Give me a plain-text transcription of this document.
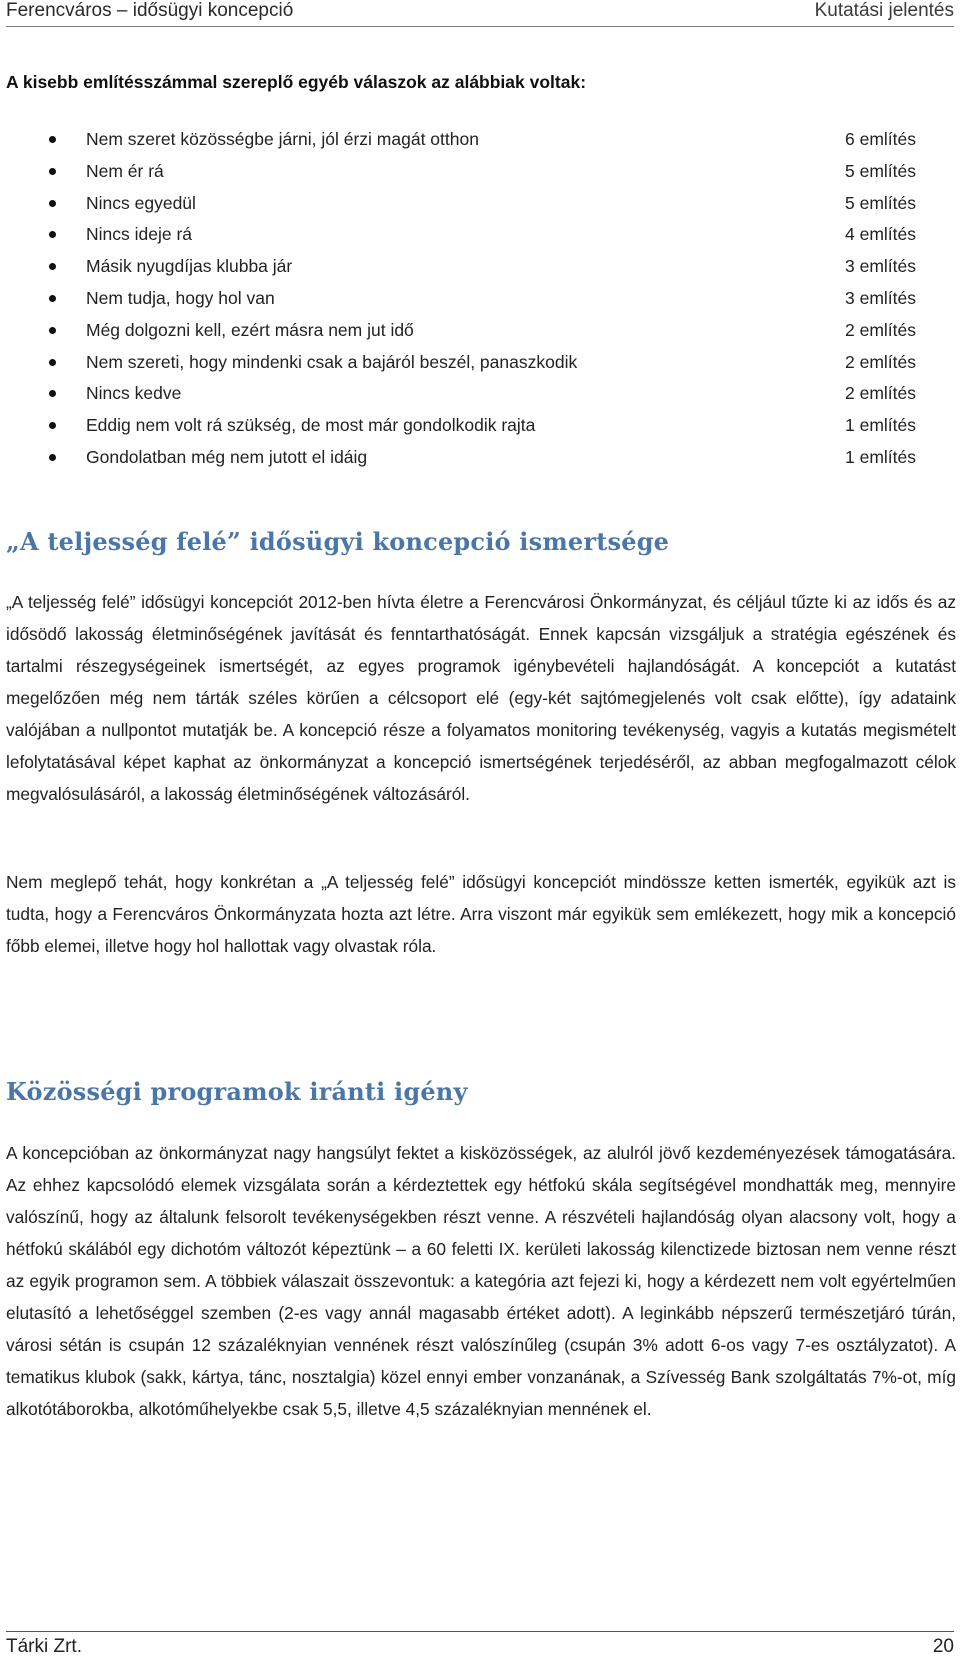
Ferencváros – idősügyi koncepció	Kutatási jelentés
A kisebb említésszámmal szereplő egyéb válaszok az alábbiak voltak:
Nem szeret közösségbe járni, jól érzi magát otthon	6 említés
Nem ér rá	5 említés
Nincs egyedül	5 említés
Nincs ideje rá	4 említés
Másik nyugdíjas klubba jár	3 említés
Nem tudja, hogy hol van	3 említés
Még dolgozni kell, ezért másra nem jut idő	2 említés
Nem szereti, hogy mindenki csak a bajáról beszél, panaszkodik	2 említés
Nincs kedve	2 említés
Eddig nem volt rá szükség, de most már gondolkodik rajta	1 említés
Gondolatban még nem jutott el idáig	1 említés
„A teljesség felé” idősügyi koncepció ismertsége

„A teljesség felé” idősügyi koncepciót 2012-ben hívta életre a Ferencvárosi Önkormányzat, és céljául tűzte ki az idős és az idősödő lakosság életminőségének javítását és fenntarthatóságát. Ennek kapcsán vizsgáljuk a stratégia egészének és tartalmi részegységeinek ismertségét, az egyes programok igénybevételi hajlandóságát. A koncepciót a kutatást megelőzően még nem tárták széles körűen a célcsoport elé (egy-két sajtómegjelenés volt csak előtte), így adataink valójában a nullpontot mutatják be. A koncepció része a folyamatos monitoring tevékenység, vagyis a kutatás megismételt lefolytatásával képet kaphat az önkormányzat a koncepció ismertségének terjedéséről, az abban megfogalmazott célok megvalósulásáról, a lakosság életminőségének változásáról.

Nem meglepő tehát, hogy konkrétan a „A teljesség felé” idősügyi koncepciót mindössze ketten ismerték, egyikük azt is tudta, hogy a Ferencváros Önkormányzata hozta azt létre. Arra viszont már egyikük sem emlékezett, hogy mik a koncepció főbb elemei, illetve hogy hol hallottak vagy olvastak róla.

Közösségi programok iránti igény

A koncepcióban az önkormányzat nagy hangsúlyt fektet a kisközösségek, az alulról jövő kezdeményezések támogatására. Az ehhez kapcsolódó elemek vizsgálata során a kérdeztettek egy hétfokú skála segítségével mondhatták meg, mennyire valószínű, hogy az általunk felsorolt tevékenységekben részt venne. A részvételi hajlandóság olyan alacsony volt, hogy a hétfokú skálából egy dichotóm változót képeztünk – a 60 feletti IX. kerületi lakosság kilenctizede biztosan nem venne részt az egyik programon sem. A többiek válaszait összevontuk: a kategória azt fejezi ki, hogy a kérdezett nem volt egyértelműen elutasító a lehetőséggel szemben (2-es vagy annál magasabb értéket adott). A leginkább népszerű természetjáró túrán, városi sétán is csupán 12 százaléknyian vennének részt valószínűleg (csupán 3% adott 6-os vagy 7-es osztályzatot). A tematikus klubok (sakk, kártya, tánc, nosztalgia) közel ennyi ember vonzanának, a Szívesség Bank szolgáltatás 7%-ot, míg alkotótáborokba, alkotóműhelyekbe csak 5,5, illetve 4,5 százaléknyian mennének el.

Tárki Zrt.	20
